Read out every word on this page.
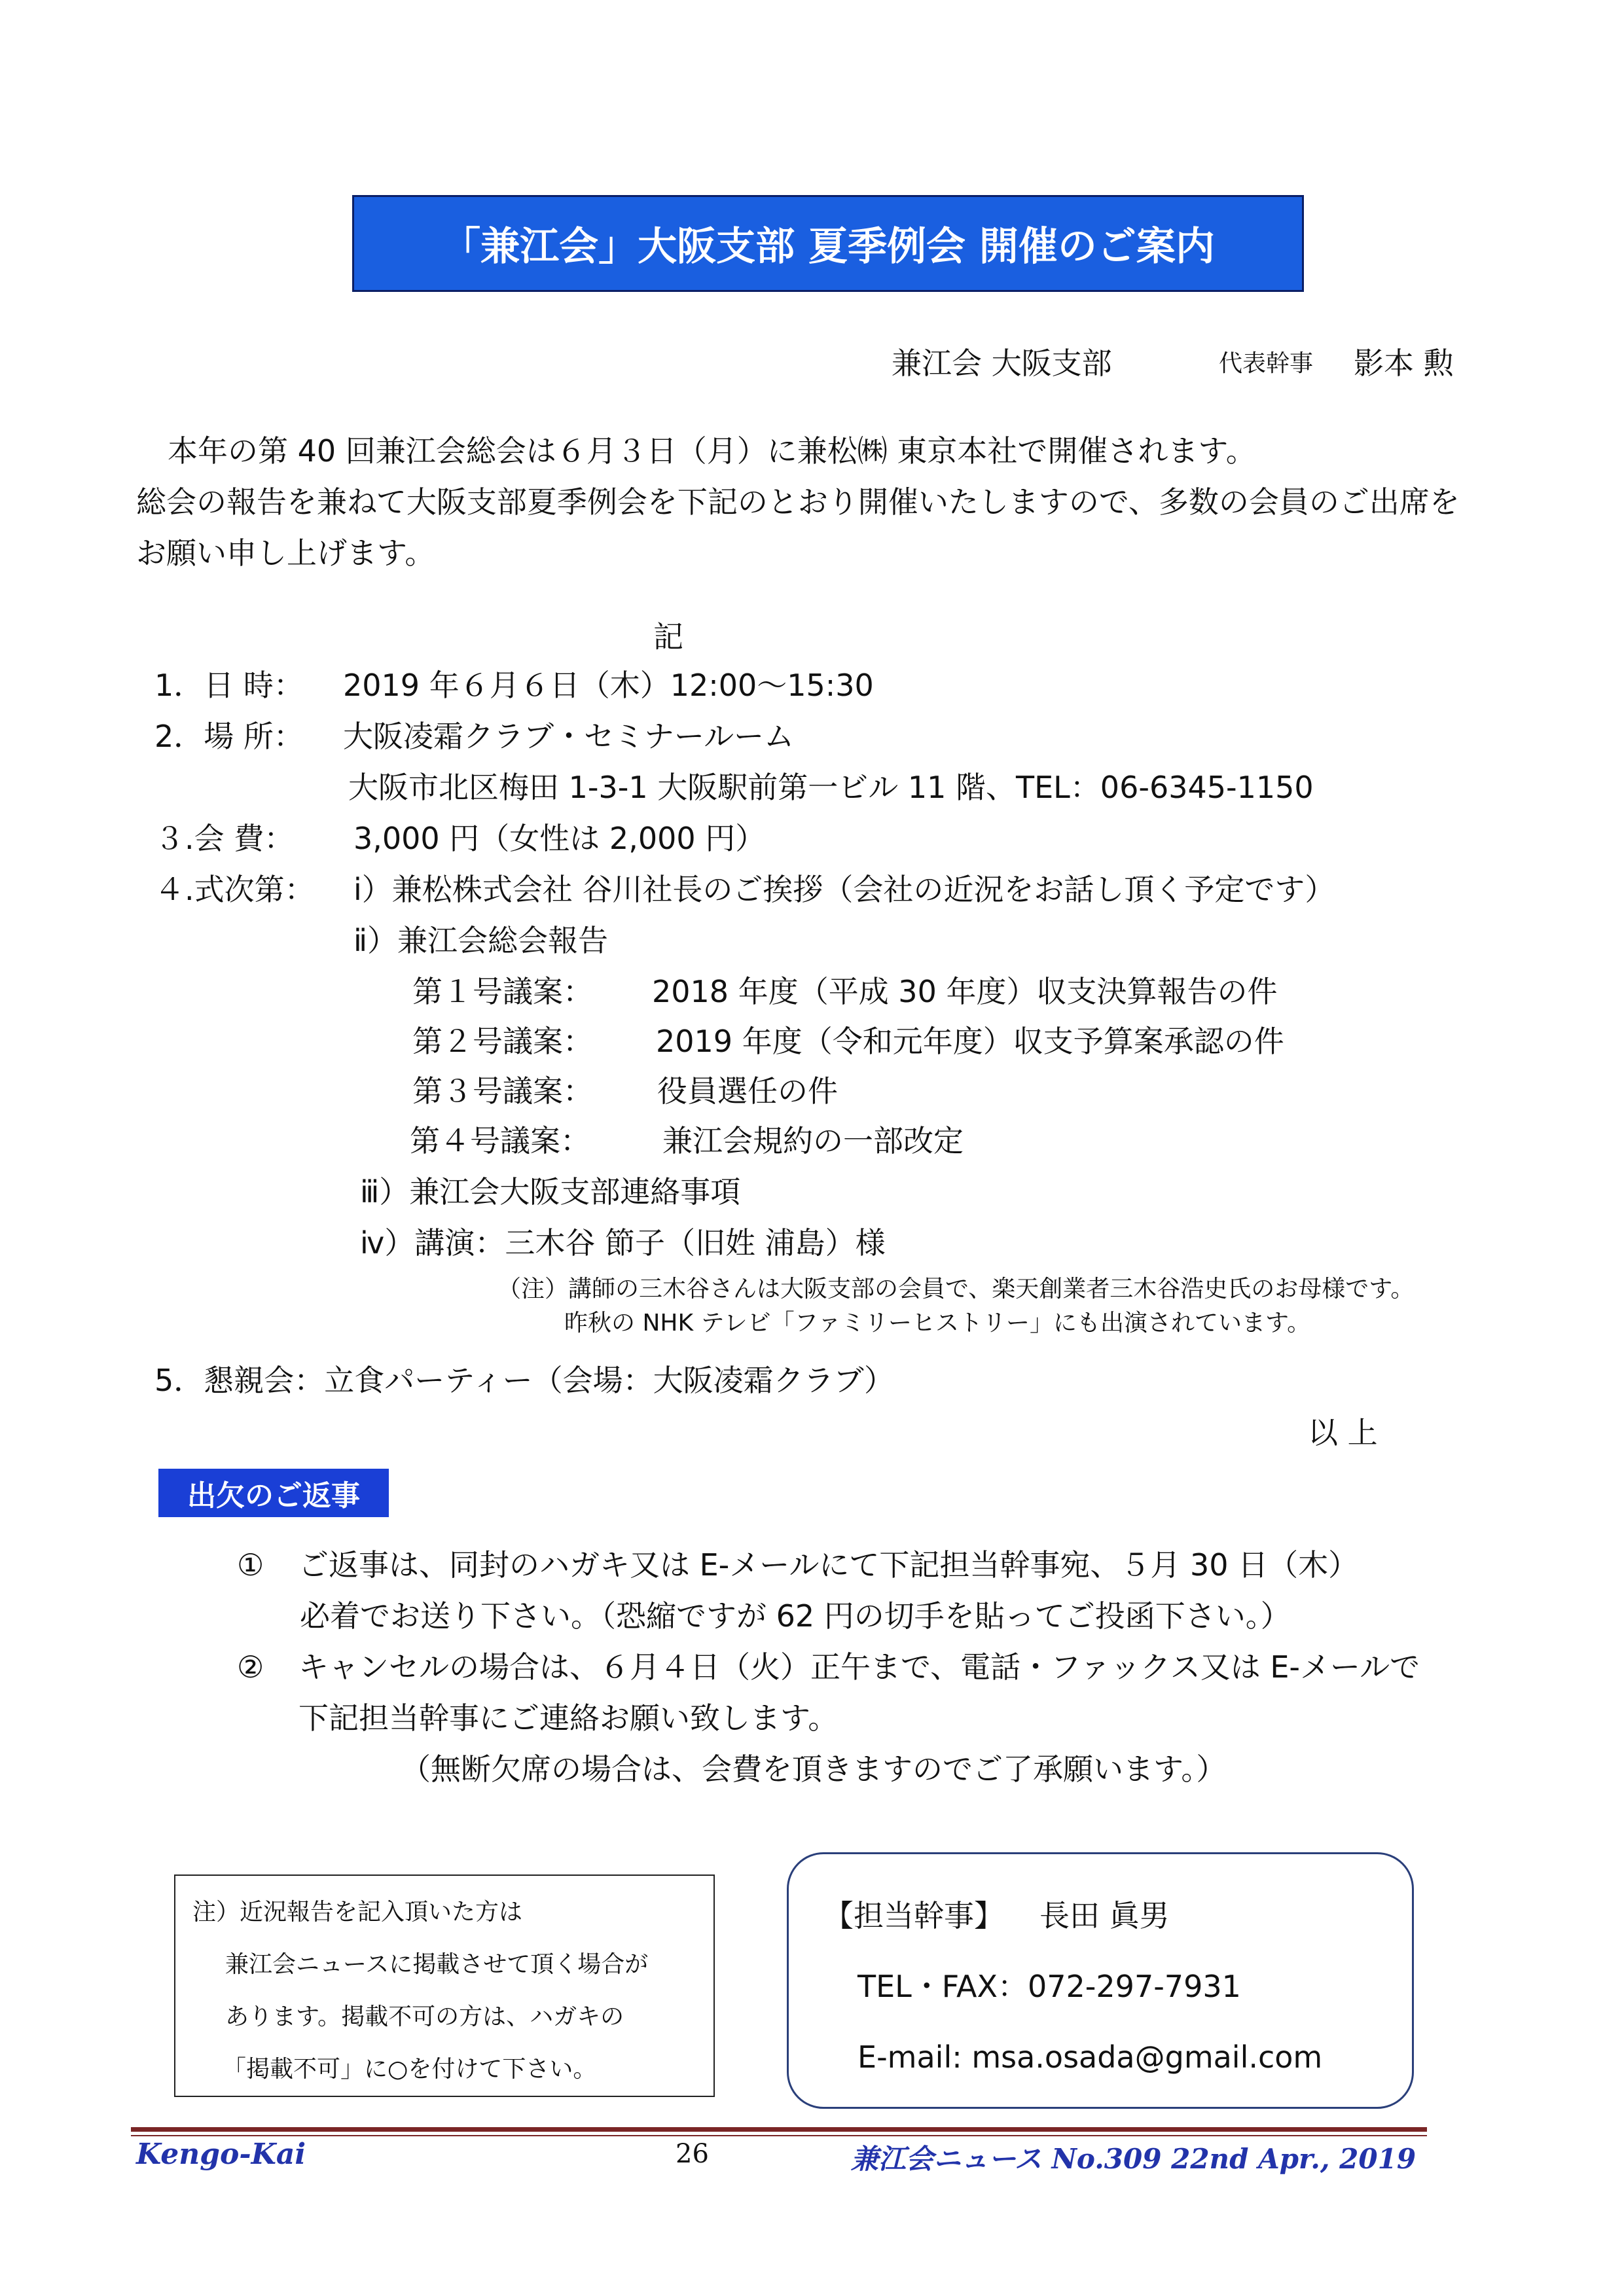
「兼江会」大阪支部 夏季例会 開催のご案内
兼江会 大阪支部	代表幹事 影本 勲
本年の第 40 回兼江会総会は６月３日（月）に兼松㈱ 東京本社で開催されます。
総会の報告を兼ねて大阪支部夏季例会を下記のとおり開催いたしますので、多数の会員のご出席を
お願い申し上げます。
記
1．日 時： 2019 年６月６日（木）12:00～15:30
2．場 所： 大阪凌霜クラブ・セミナールーム
大阪市北区梅田 1-3-1 大阪駅前第一ビル 11 階、TEL：06-6345-1150
３.会 費： 3,000 円（女性は 2,000 円）
４.式次第： ⅰ）兼松株式会社 谷川社長のご挨拶（会社の近況をお話し頂く予定です）
ⅱ）兼江会総会報告
第１号議案： 2018 年度（平成 30 年度）収支決算報告の件
第２号議案： 2019 年度（令和元年度）収支予算案承認の件
第３号議案： 役員選任の件
第４号議案： 兼江会規約の一部改定
ⅲ）兼江会大阪支部連絡事項
ⅳ）講演：三木谷 節子（旧姓 浦島）様
（注）講師の三木谷さんは大阪支部の会員で、楽天創業者三木谷浩史氏のお母様です。
昨秋の NHK テレビ「ファミリーヒストリー」にも出演されています。
5．懇親会：立食パーティー（会場：大阪凌霜クラブ）
以 上
出欠のご返事
① ご返事は、同封のハガキ又は E-メールにて下記担当幹事宛、５月 30 日（木）
必着でお送り下さい。（恐縮ですが 62 円の切手を貼ってご投函下さい。）
② キャンセルの場合は、６月４日（火）正午まで、電話・ファックス又は E-メールで
下記担当幹事にご連絡お願い致します。
（無断欠席の場合は、会費を頂きますのでご了承願います。）
注）近況報告を記入頂いた方は
兼江会ニュースに掲載させて頂く場合が
あります。掲載不可の方は、ハガキの
「掲載不可」に○を付けて下さい。
【担当幹事】 長田 眞男
TEL・FAX：072-297-7931
E-mail: msa.osada@gmail.com
Kengo-Kai	26	兼江会ニュース No.309 22nd Apr., 2019
